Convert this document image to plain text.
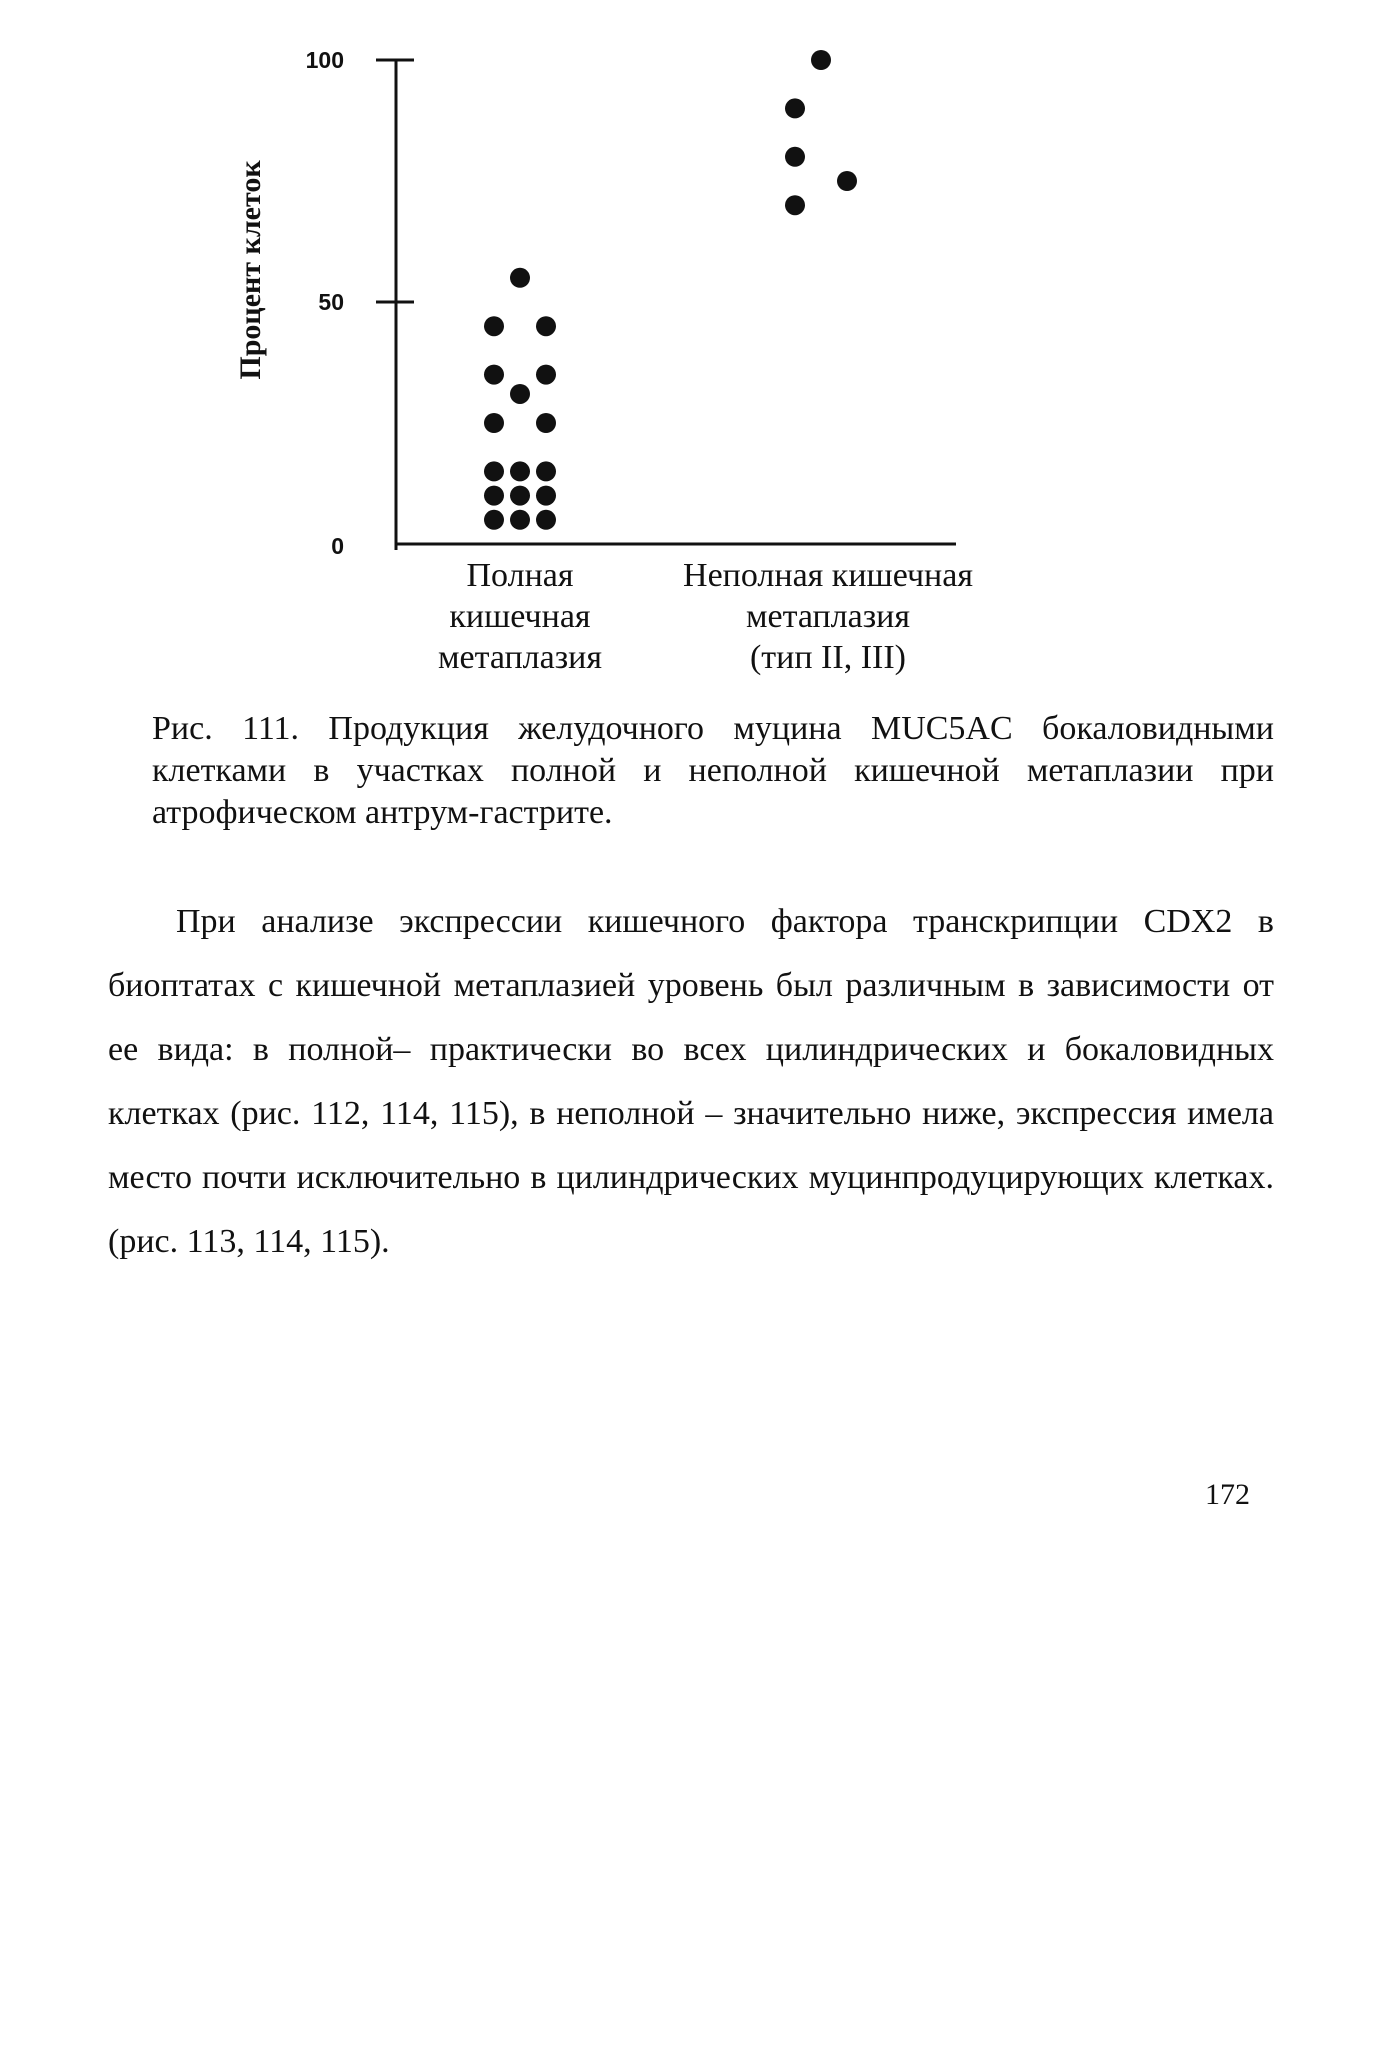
Процент клеток
0
50
100
Полная
кишечная
метаплазия
Неполная кишечная
метаплазия
(тип II, III)
Рис. 111. Продукция желудочного муцина MUC5AC бокаловидными клетками в участках полной и неполной кишечной метаплазии при атрофическом антрум-гастрите.

При анализе экспрессии кишечного фактора транскрипции CDX2 в биоптатах с кишечной метаплазией уровень был различным в зависимости от ее вида: в полной– практически во всех цилиндрических и бокаловидных клетках (рис. 112, 114, 115), в неполной – значительно ниже, экспрессия имела место почти исключительно в цилиндрических муцинпродуцирующих клетках. (рис. 113, 114, 115).

172
